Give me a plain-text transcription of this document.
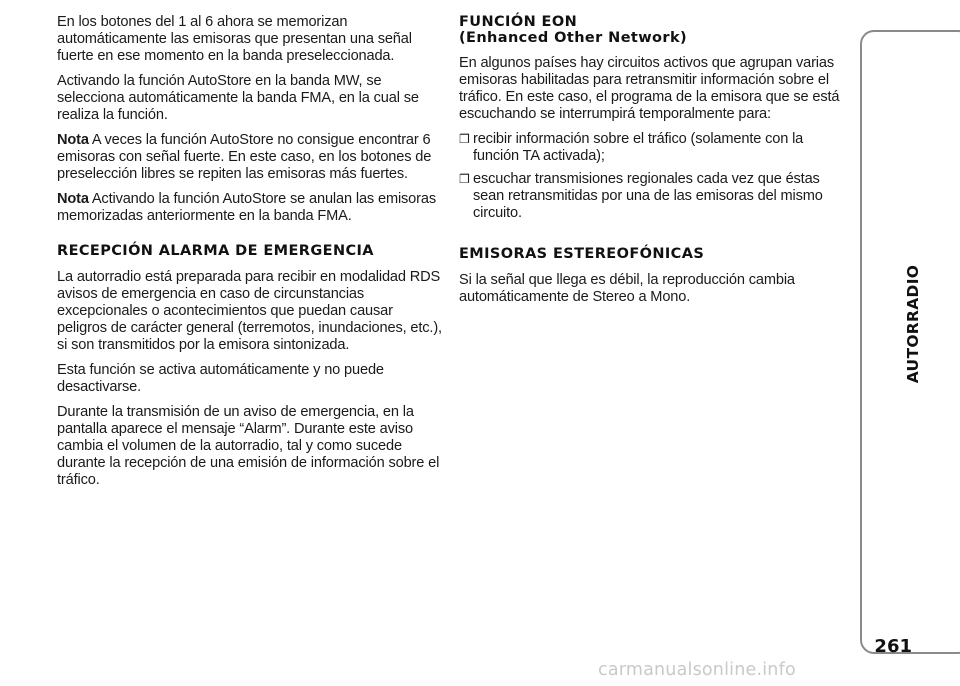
En los botones del 1 al 6 ahora se memorizan automáticamente las emisoras que presentan una señal fuerte en ese momento en la banda preseleccionada.

Activando la función AutoStore en la banda MW, se selecciona automáticamente la banda FMA, en la cual se realiza la función.

Nota A veces la función AutoStore no consigue encontrar 6 emisoras con señal fuerte. En este caso, en los botones de preselección libres se repiten las emisoras más fuertes.

Nota Activando la función AutoStore se anulan las emisoras memorizadas anteriormente en la banda FMA.

RECEPCIÓN ALARMA DE EMERGENCIA

La autorradio está preparada para recibir en modalidad RDS avisos de emergencia en caso de circunstancias excepcionales o acontecimientos que puedan causar peligros de carácter general (terremotos, inundaciones, etc.), si son transmitidos por la emisora sintonizada.

Esta función se activa automáticamente y no puede desactivarse.

Durante la transmisión de un aviso de emergencia, en la pantalla aparece el mensaje “Alarm”. Durante este aviso cambia el volumen de la autorradio, tal y como sucede durante la recepción de una emisión de información sobre el tráfico.

FUNCIÓN EON
(Enhanced Other Network)

En algunos países hay circuitos activos que agrupan varias emisoras habilitadas para retransmitir información sobre el tráfico. En este caso, el programa de la emisora que se está escuchando se interrumpirá temporalmente para:

❒ recibir información sobre el tráfico (solamente con la función TA activada);
❒ escuchar transmisiones regionales cada vez que éstas sean retransmitidas por una de las emisoras del mismo circuito.
EMISORAS ESTEREOFÓNICAS

Si la señal que llega es débil, la reproducción cambia automáticamente de Stereo a Mono.	AUTORRADIO
261
carmanualsonline.info
